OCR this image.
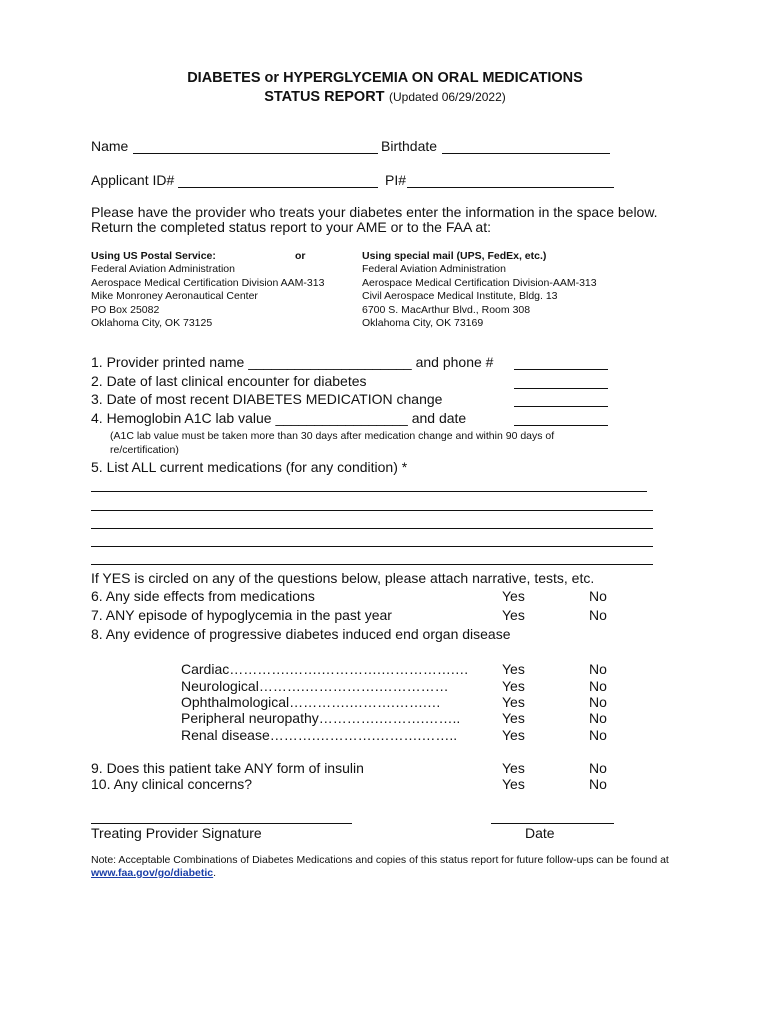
DIABETES or HYPERGLYCEMIA ON ORAL MEDICATIONS
STATUS REPORT (Updated 06/29/2022)
Name	Birthdate
Applicant ID#	PI#
Please have the provider who treats your diabetes enter the information in the space below.
Return the completed status report to your AME or to the FAA at:
Using US Postal Service:	or	Using special mail (UPS, FedEx, etc.)
Federal Aviation Administration
Aerospace Medical Certification Division AAM-313
Mike Monroney Aeronautical Center
PO Box 25082
Oklahoma City, OK 73125
Federal Aviation Administration
Aerospace Medical Certification Division-AAM-313
Civil Aerospace Medical Institute, Bldg. 13
6700 S. MacArthur Blvd., Room 308
Oklahoma City, OK 73169
1. Provider printed name _____________________ and phone #
2. Date of last clinical encounter for diabetes
3. Date of most recent DIABETES MEDICATION change
4. Hemoglobin A1C lab value _________________ and date
(A1C lab value must be taken more than 30 days after medication change and within 90 days of
re/certification)
5. List ALL current medications (for any condition) *
If YES is circled on any of the questions below, please attach narrative, tests, etc.
6. Any side effects from medications	Yes	No
7. ANY episode of hypoglycemia in the past year	Yes	No
8. Any evidence of progressive diabetes induced end organ disease
Cardiac………….…….………….…………….… Yes	No
Neurological……….…………….……………	Yes	No
Ophthalmological………….……….…….…	Yes	No
Peripheral neuropathy………….……….……..	Yes	No
Renal disease……….………….……….……..	Yes	No
9. Does this patient take ANY form of insulin	Yes	No
10. Any clinical concerns?	Yes	No
Treating Provider Signature	Date
Note: Acceptable Combinations of Diabetes Medications and copies of this status report for future follow-ups can be found at
www.faa.gov/go/diabetic.
